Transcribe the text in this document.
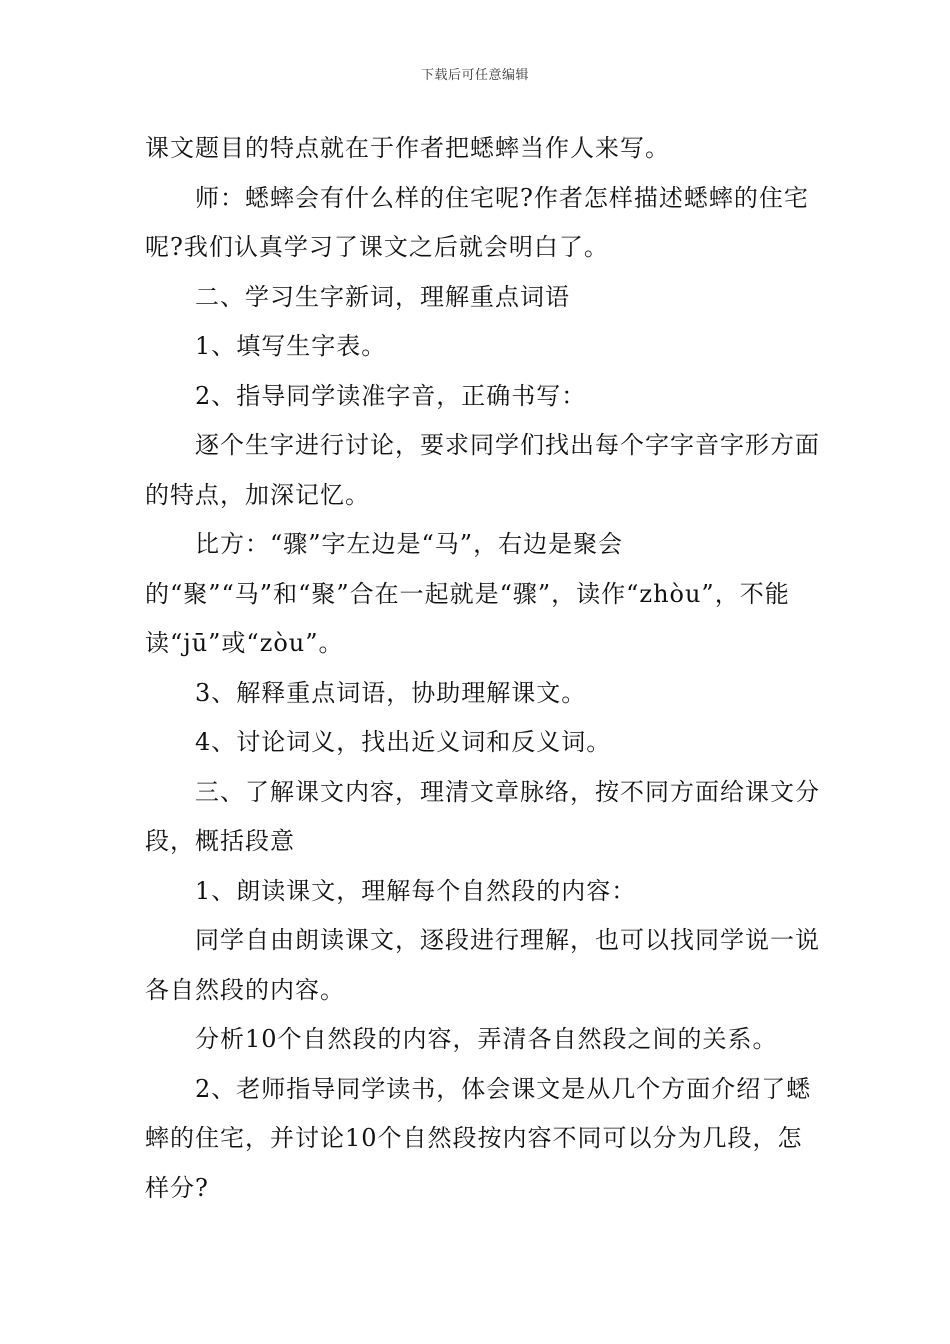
下载后可任意编辑

课文题目的特点就在于作者把蟋蟀当作人来写。

师：蟋蟀会有什么样的住宅呢?作者怎样描述蟋蟀的住宅呢?我们认真学习了课文之后就会明白了。

二、学习生字新词，理解重点词语

1、填写生字表。

2、指导同学读准字音，正确书写：

逐个生字进行讨论，要求同学们找出每个字字音字形方面的特点，加深记忆。

比方：“骤”字左边是“马”，右边是聚会的“聚”“马”和“聚”合在一起就是“骤”，读作“zhòu”，不能读“jū”或“zòu”。

3、解释重点词语，协助理解课文。

4、讨论词义，找出近义词和反义词。

三、了解课文内容，理清文章脉络，按不同方面给课文分段，概括段意

1、朗读课文，理解每个自然段的内容：

同学自由朗读课文，逐段进行理解，也可以找同学说一说各自然段的内容。

分析10个自然段的内容，弄清各自然段之间的关系。

2、老师指导同学读书，体会课文是从几个方面介绍了蟋蟀的住宅，并讨论10个自然段按内容不同可以分为几段，怎样分?
